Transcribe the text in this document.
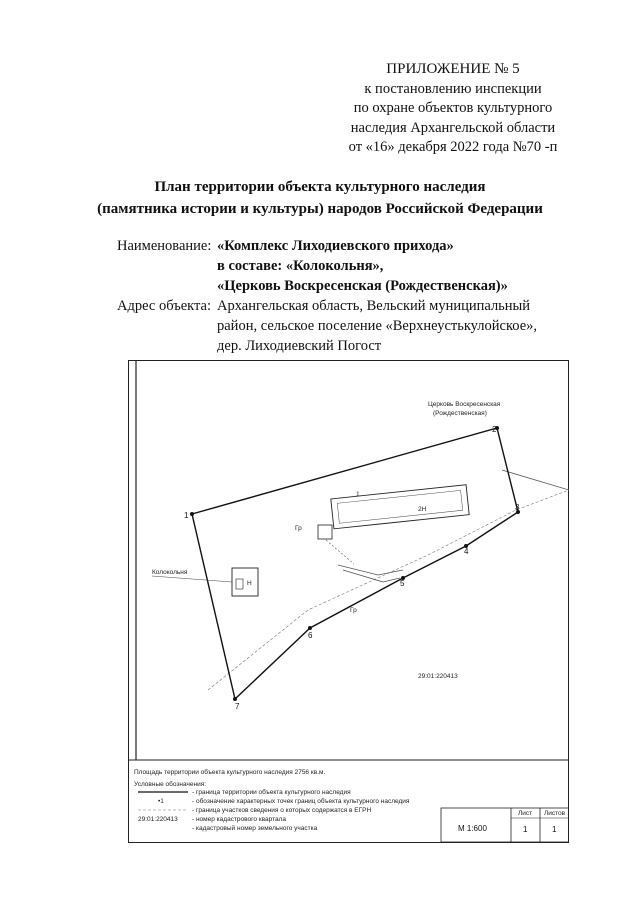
ПРИЛОЖЕНИЕ № 5
к постановлению инспекции
по охране объектов культурного
наследия Архангельской области
от «16» декабря 2022 года №70 -п
План территории объекта культурного наследия
(памятника истории и культуры) народов Российской Федерации
Наименование: «Комплекс Лиходиевского прихода»
в составе: «Колокольня»,
«Церковь Воскресенская (Рождественская)»
Адрес объекта: Архангельская область, Вельский муниципальный
район, сельское поселение «Верхнеустькулойское»,
дер. Лиходиевский Погост
2Н
Н
Церковь Воскресенская
(Рождественская)
Колокольня
1
Гр
Гр
29:01:220413
1
2
3
4
5
6
7
Площадь территории объекта культурного наследия 2756 кв.м.
Условные обозначения:
- граница территории объекта культурного наследия
•1	- обозначение характерных точек границ объекта культурного наследия
- граница участков сведения о которых содержатся в ЕГРН
29:01:220413 - номер кадастрового квартала
- кадастровый номер земельного участка	М 1:600
Лист Листов
1	1
